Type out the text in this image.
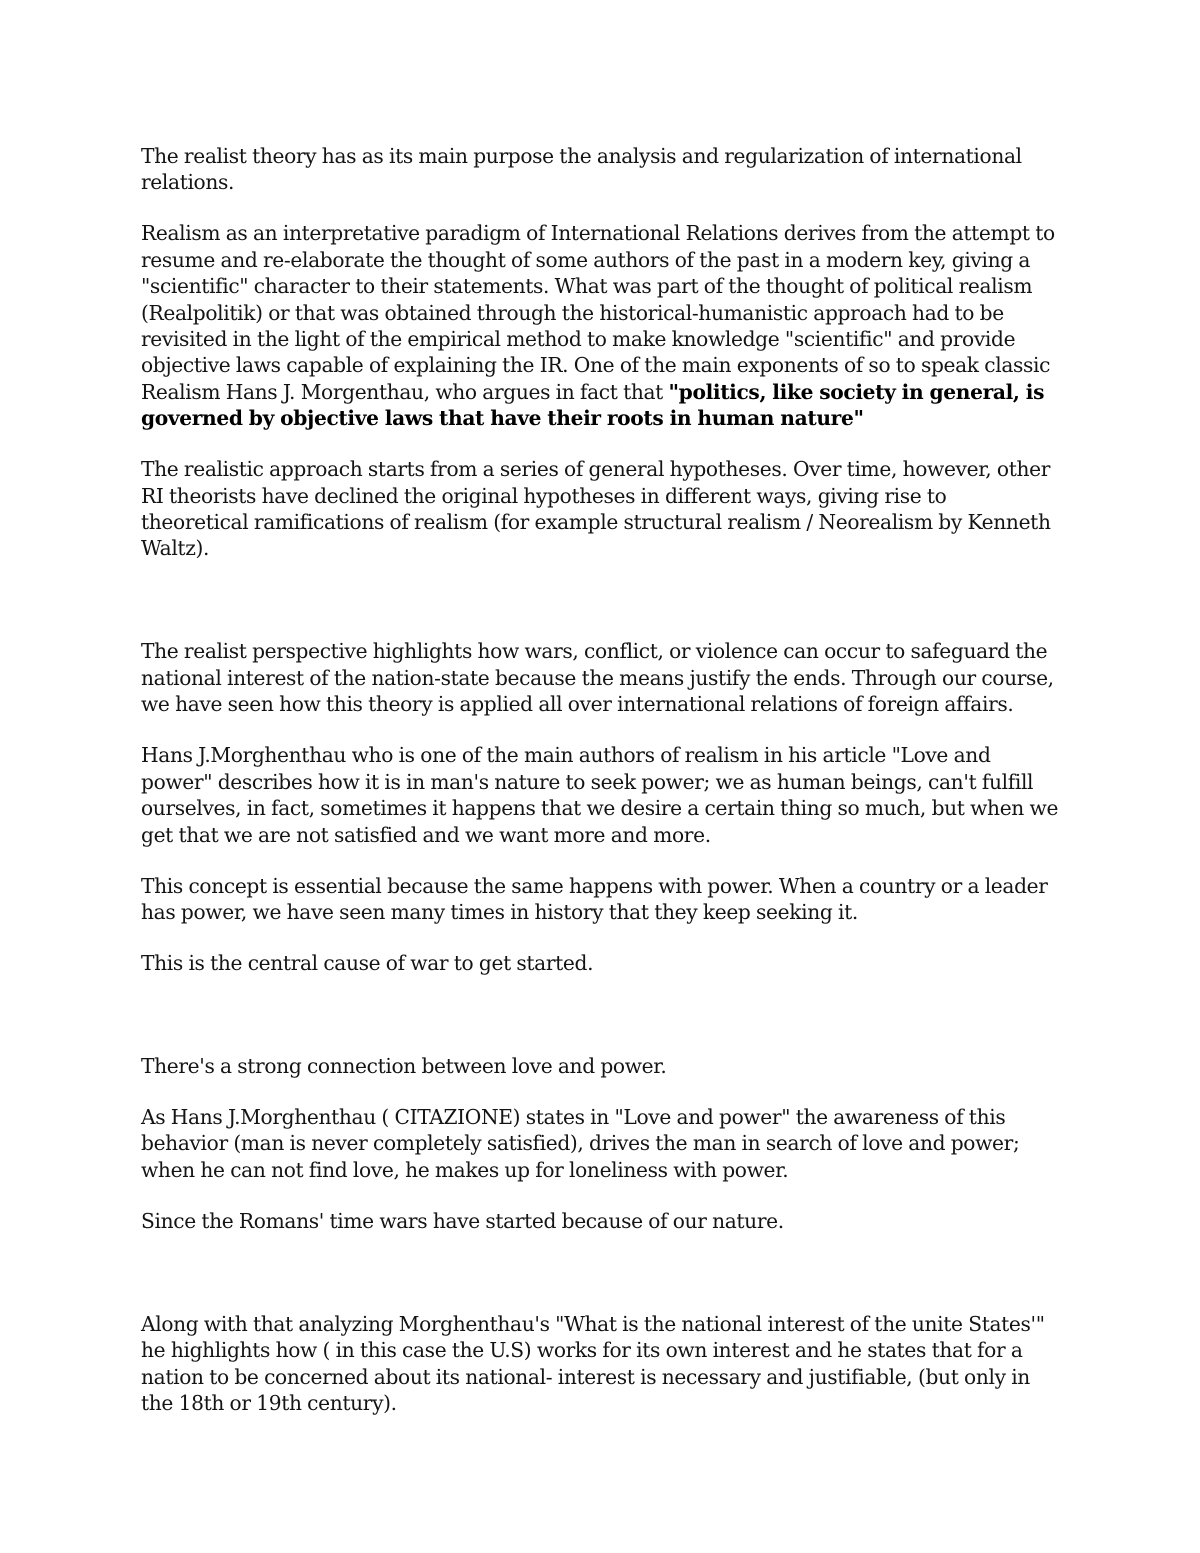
The realist theory has as its main purpose the analysis and regularization of international relations.

Realism as an interpretative paradigm of International Relations derives from the attempt to resume and re-elaborate the thought of some authors of the past in a modern key, giving a "scientific" character to their statements. What was part of the thought of political realism (Realpolitik) or that was obtained through the historical-humanistic approach had to be revisited in the light of the empirical method to make knowledge "scientific" and provide objective laws capable of explaining the IR. One of the main exponents of so to speak classic Realism Hans J. Morgenthau, who argues in fact that "politics, like society in general, is governed by objective laws that have their roots in human nature"

The realistic approach starts from a series of general hypotheses. Over time, however, other RI theorists have declined the original hypotheses in different ways, giving rise to theoretical ramifications of realism (for example structural realism / Neorealism by Kenneth Waltz).

The realist perspective highlights how wars, conflict, or violence can occur to safeguard the national interest of the nation-state because the means justify the ends. Through our course, we have seen how this theory is applied all over international relations of foreign affairs.

Hans J.Morghenthau who is one of the main authors of realism in his article "Love and power" describes how it is in man's nature to seek power; we as human beings, can't fulfill ourselves, in fact, sometimes it happens that we desire a certain thing so much, but when we get that we are not satisfied and we want more and more.

This concept is essential because the same happens with power. When a country or a leader has power, we have seen many times in history that they keep seeking it.

This is the central cause of war to get started.

There's a strong connection between love and power.

As Hans J.Morghenthau ( CITAZIONE) states in "Love and power" the awareness of this behavior (man is never completely satisfied), drives the man in search of love and power; when he can not find love, he makes up for loneliness with power.

Since the Romans' time wars have started because of our nature.

Along with that analyzing Morghenthau's "What is the national interest of the unite States'" he highlights how ( in this case the U.S) works for its own interest and he states that for a nation to be concerned about its national- interest is necessary and justifiable, (but only in the 18th or 19th century).
